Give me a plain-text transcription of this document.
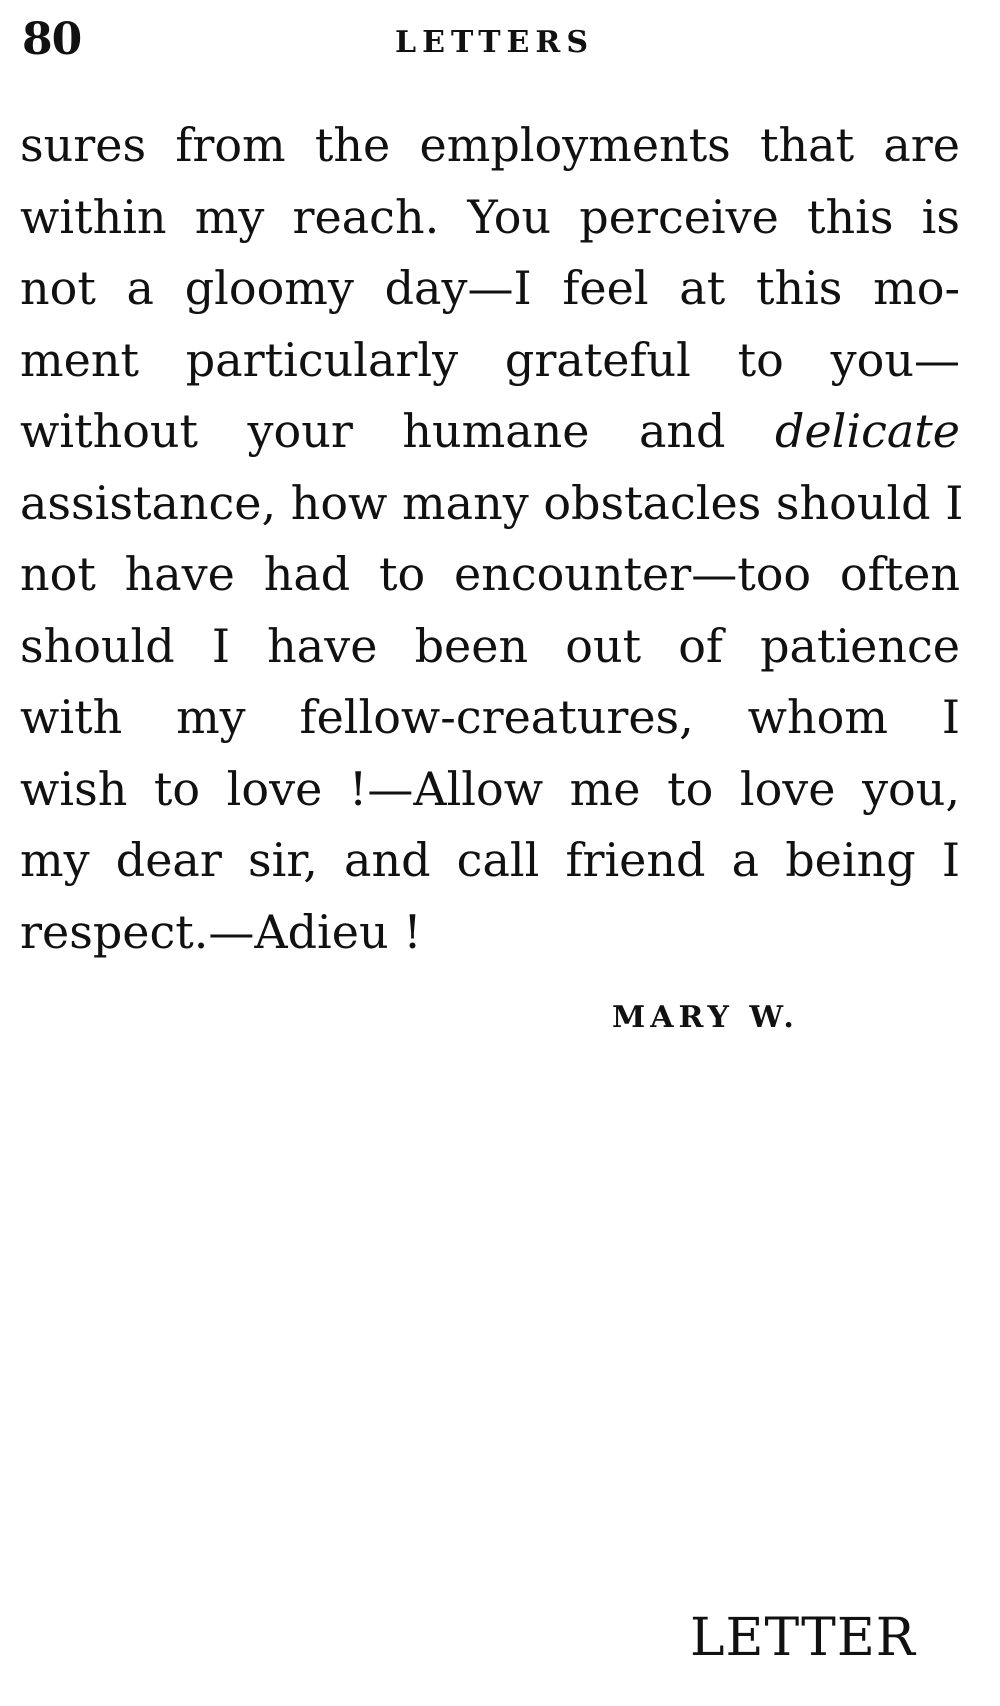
80	LETTERS
sures from the employments that are
within my reach. You perceive this is
not a gloomy day—I feel at this mo-
ment particularly grateful to you—
without your humane and delicate
assistance, how many obstacles should I
not have had to encounter—too often
should I have been out of patience
with my fellow-creatures, whom I
wish to love !—Allow me to love you,
my dear sir, and call friend a being I
respect.—Adieu !
MARY W.
LETTER
